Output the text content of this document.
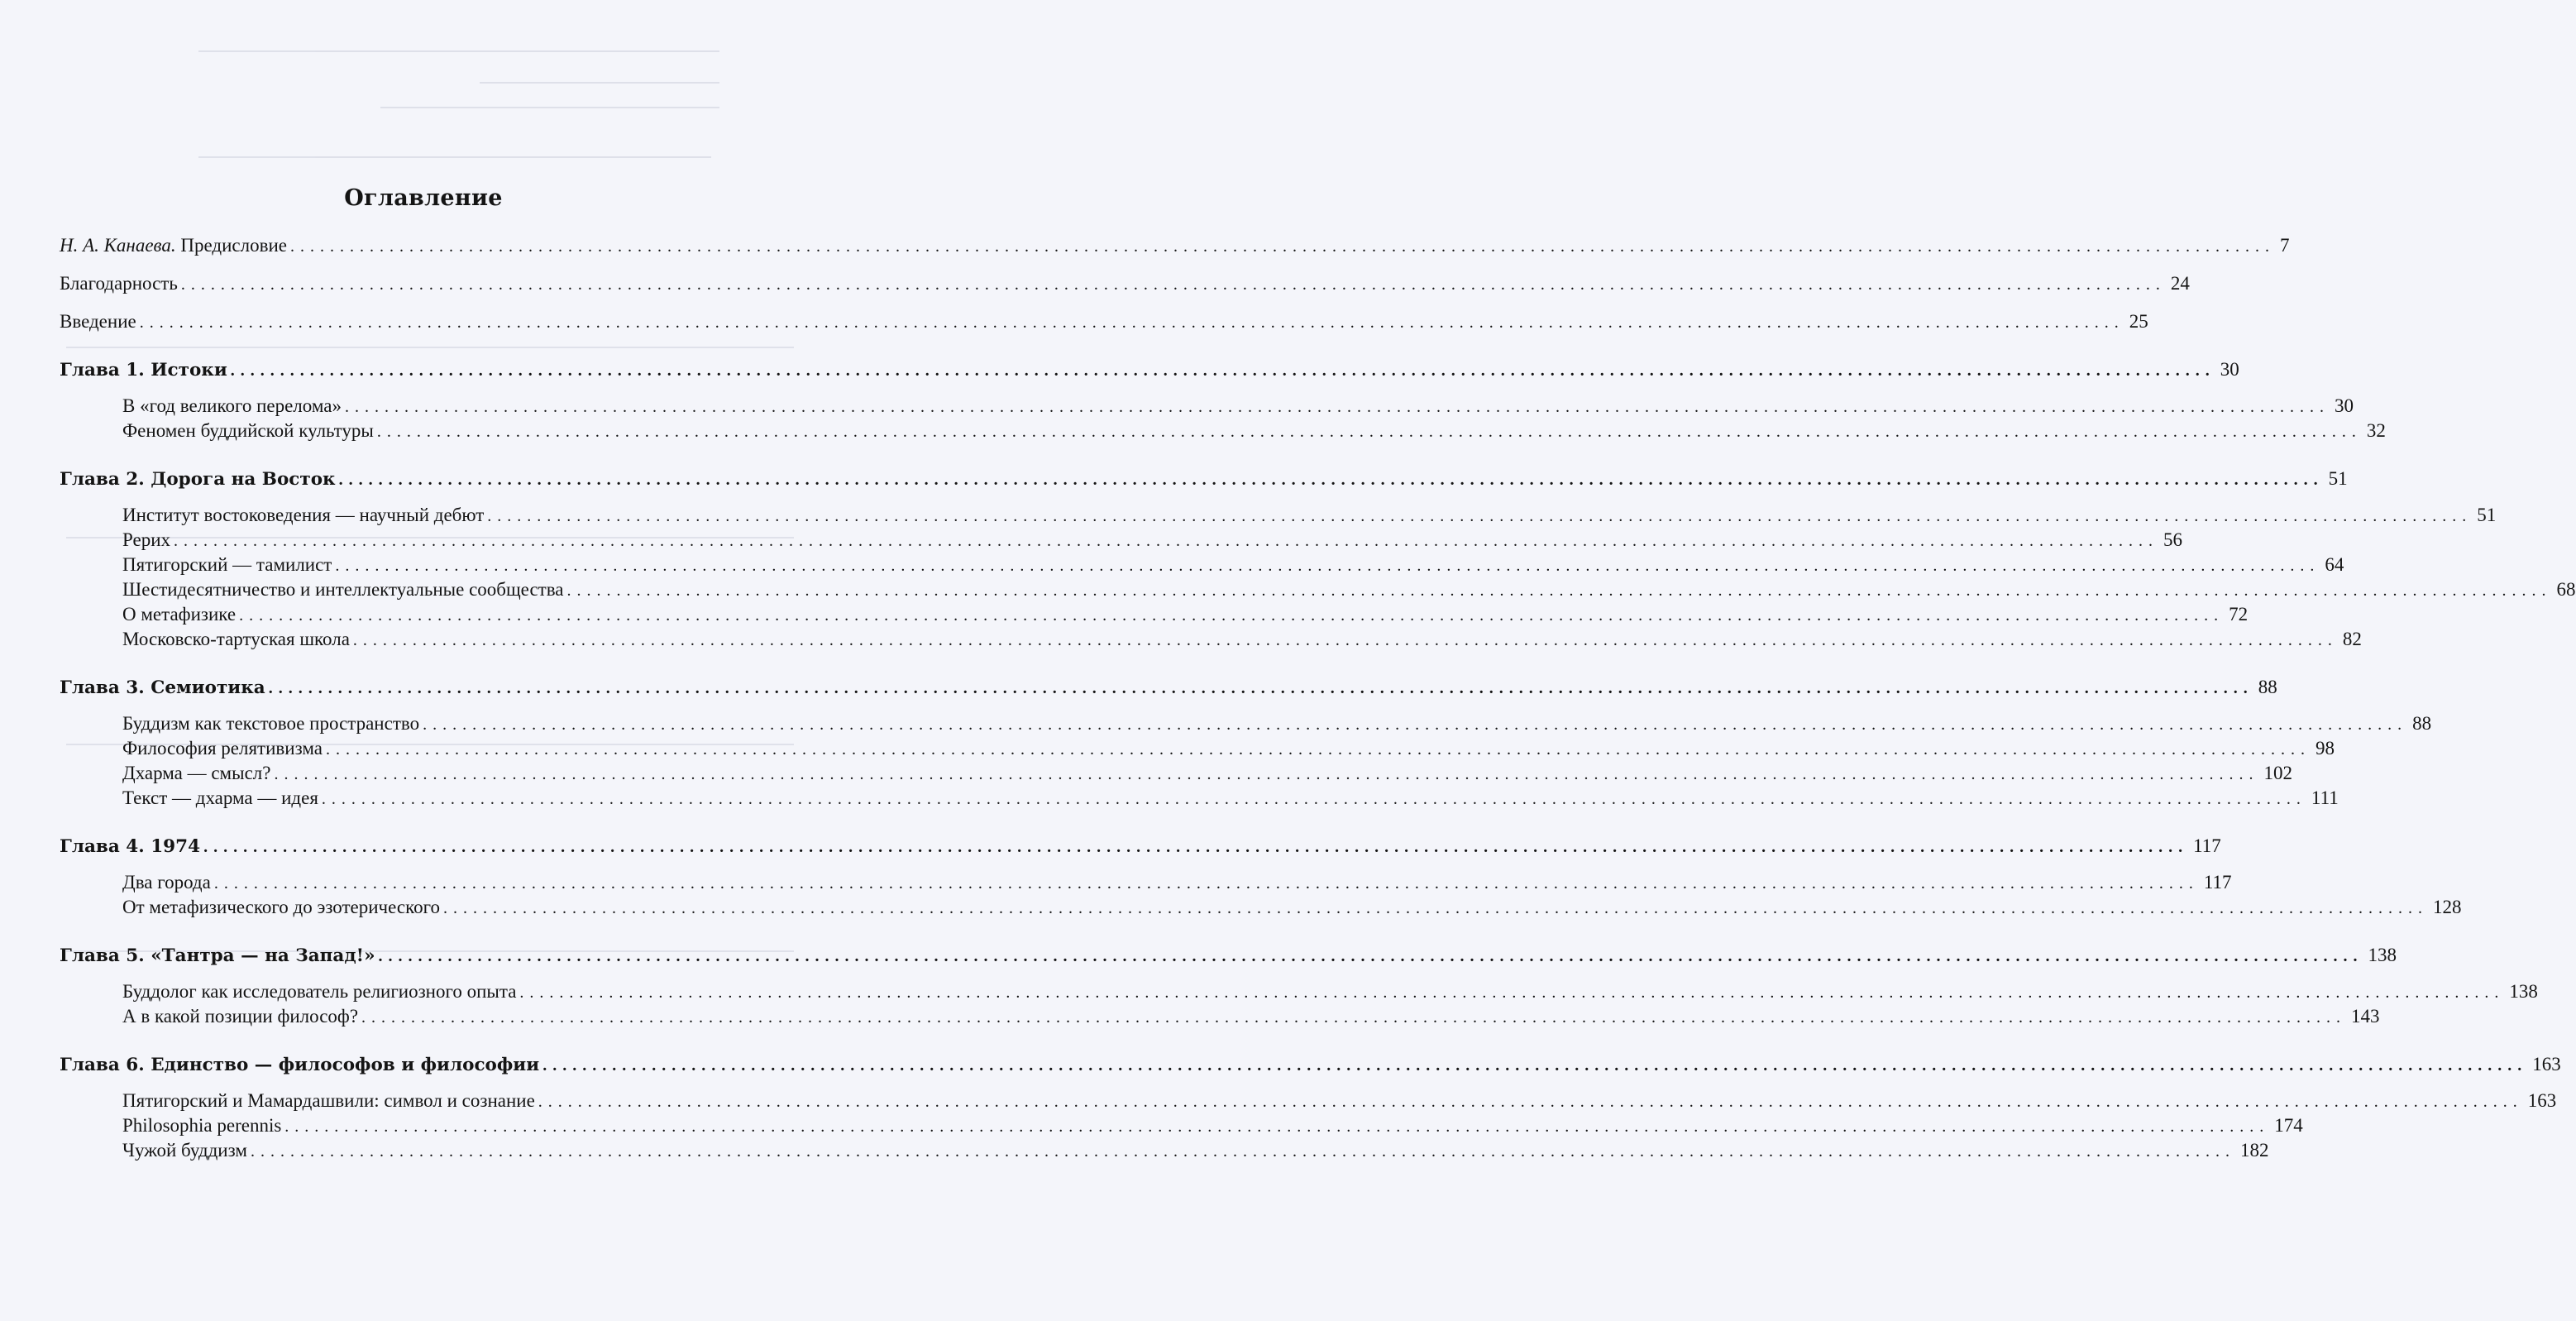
Оглавление
Н. А. Канаева. Предисловие ........................................................................................................................................................................................................ 7
Благодарность ........................................................................................................................................................................................................ 24
Введение ........................................................................................................................................................................................................ 25
Глава 1. Истоки ........................................................................................................................................................................................................ 30
В «год великого перелома» ........................................................................................................................................................................................................ 30
Феномен буддийской культуры ........................................................................................................................................................................................................ 32
Глава 2. Дорога на Восток ........................................................................................................................................................................................................ 51
Институт востоковедения — научный дебют ........................................................................................................................................................................................................ 51
Рерих ........................................................................................................................................................................................................ 56
Пятигорский — тамилист ........................................................................................................................................................................................................ 64
Шестидесятничество и интеллектуальные сообщества ........................................................................................................................................................................................................ 68
О метафизике ........................................................................................................................................................................................................ 72
Московско-тартуская школа ........................................................................................................................................................................................................ 82
Глава 3. Семиотика ........................................................................................................................................................................................................ 88
Буддизм как текстовое пространство ........................................................................................................................................................................................................ 88
Философия релятивизма ........................................................................................................................................................................................................ 98
Дхарма — смысл? ........................................................................................................................................................................................................ 102
Текст — дхарма — идея ........................................................................................................................................................................................................ 111
Глава 4. 1974 ........................................................................................................................................................................................................ 117
Два города ........................................................................................................................................................................................................ 117
От метафизического до эзотерического ........................................................................................................................................................................................................ 128
Глава 5. «Тантра — на Запад!» ........................................................................................................................................................................................................ 138
Буддолог как исследователь религиозного опыта ........................................................................................................................................................................................................ 138
А в какой позиции философ? ........................................................................................................................................................................................................ 143
Глава 6. Единство — философов и философии ........................................................................................................................................................................................................ 163
Пятигорский и Мамардашвили: символ и сознание ........................................................................................................................................................................................................ 163
Philosophia perennis ........................................................................................................................................................................................................ 174
Чужой буддизм ........................................................................................................................................................................................................ 182
